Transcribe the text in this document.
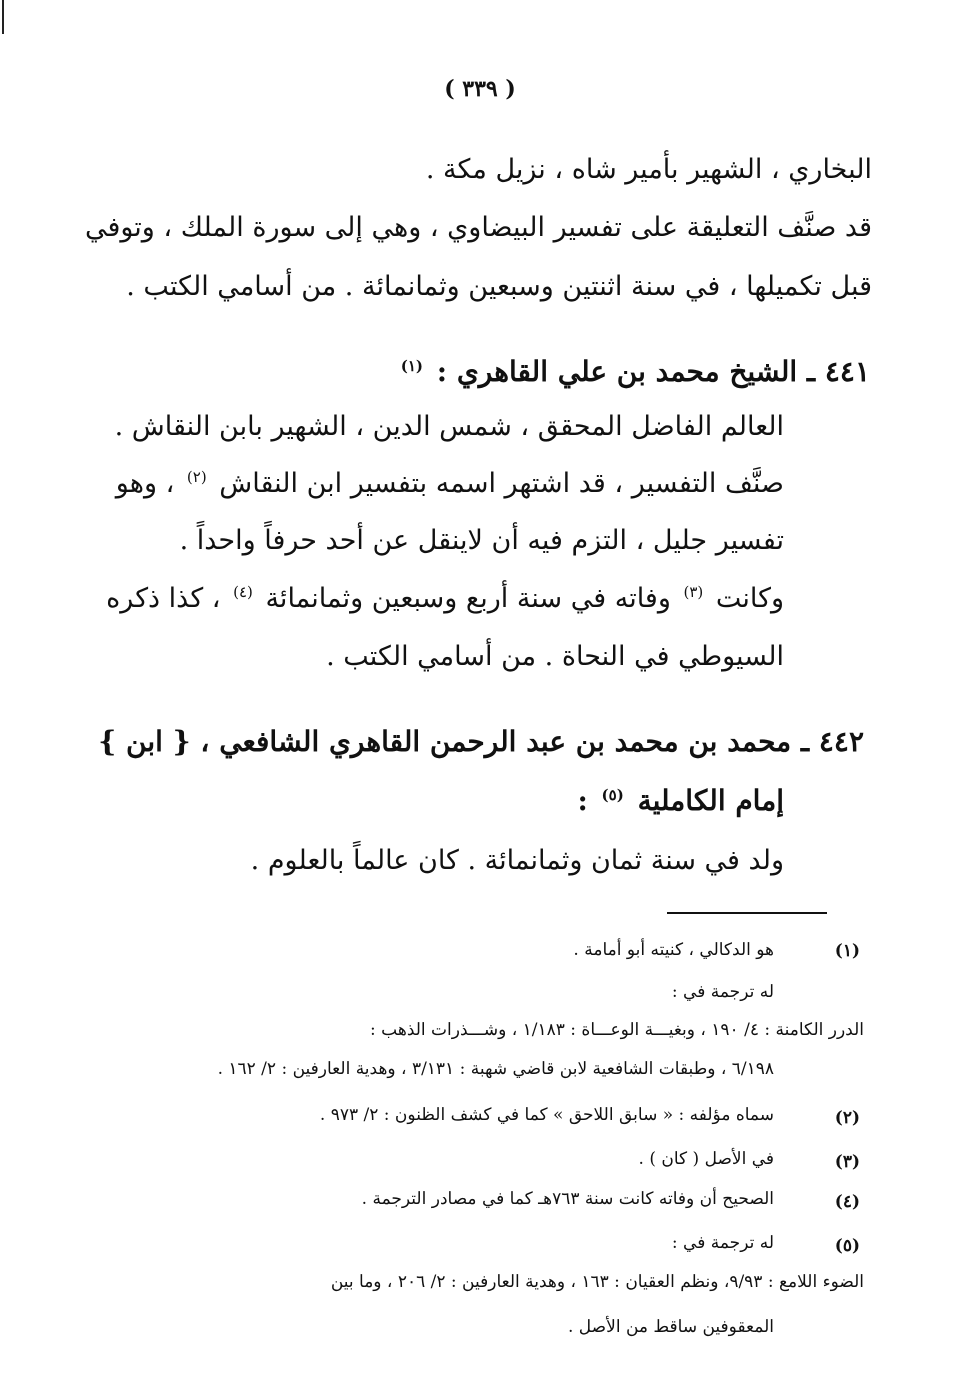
( ٣٣٩ )
البخاري ، الشهير بأمير شاه ، نزيل مكة .
قد صنَّف التعليقة على تفسير البيضاوي ، وهي إلى سورة الملك ، وتوفي
قبل تكميلها ، في سنة اثنتين وسبعين وثمانمائة . من أسامي الكتب .
٤٤١ ـ الشيخ محمد بن علي القاهري : $^{(١)}$
العالم الفاضل المحقق ، شمس الدين ، الشهير بابن النقاش .
صنَّف التفسير ، قد اشتهر اسمه بتفسير ابن النقاش $^{(٢)}$ ، وهو
تفسير جليل ، التزم فيه أن لاينقل عن أحد حرفاً واحداً .
وكانت $^{(٣)}$ وفاته في سنة أربع وسبعين وثمانمائة $^{(٤)}$ ، كذا ذكره
السيوطي في النحاة . من أسامي الكتب .
٤٤٢ ـ محمد بن محمد بن عبد الرحمن القاهري الشافعي ، { ابن }
إمام الكاملية $^{(٥)}$ :
ولد في سنة ثمان وثمانمائة . كان عالماً بالعلوم .
(١)
هو الدكالي ، كنيته أبو أمامة .
له ترجمة في :
الدرر الكامنة : ٤/ ١٩٠ ، وبغيـــة الوعـــاة : ١/١٨٣ ، وشـــذرات الذهب :
٦/١٩٨ ، وطبقات الشافعية لابن قاضي شهبة : ٣/١٣١ ، وهدية العارفين : ٢/ ١٦٢ .
(٢)
سماه مؤلفه : « سابق اللاحق » كما في كشف الظنون : ٢/ ٩٧٣ .
(٣)
في الأصل ( كان ) .
(٤)
الصحيح أن وفاته كانت سنة ٧٦٣هـ كما في مصادر الترجمة .
(٥)
له ترجمة في :
الضوء اللامع : ٩/٩٣، ونظم العقيان : ١٦٣ ، وهدية العارفين : ٢/ ٢٠٦ ، وما بين
المعقوفين ساقط من الأصل .
